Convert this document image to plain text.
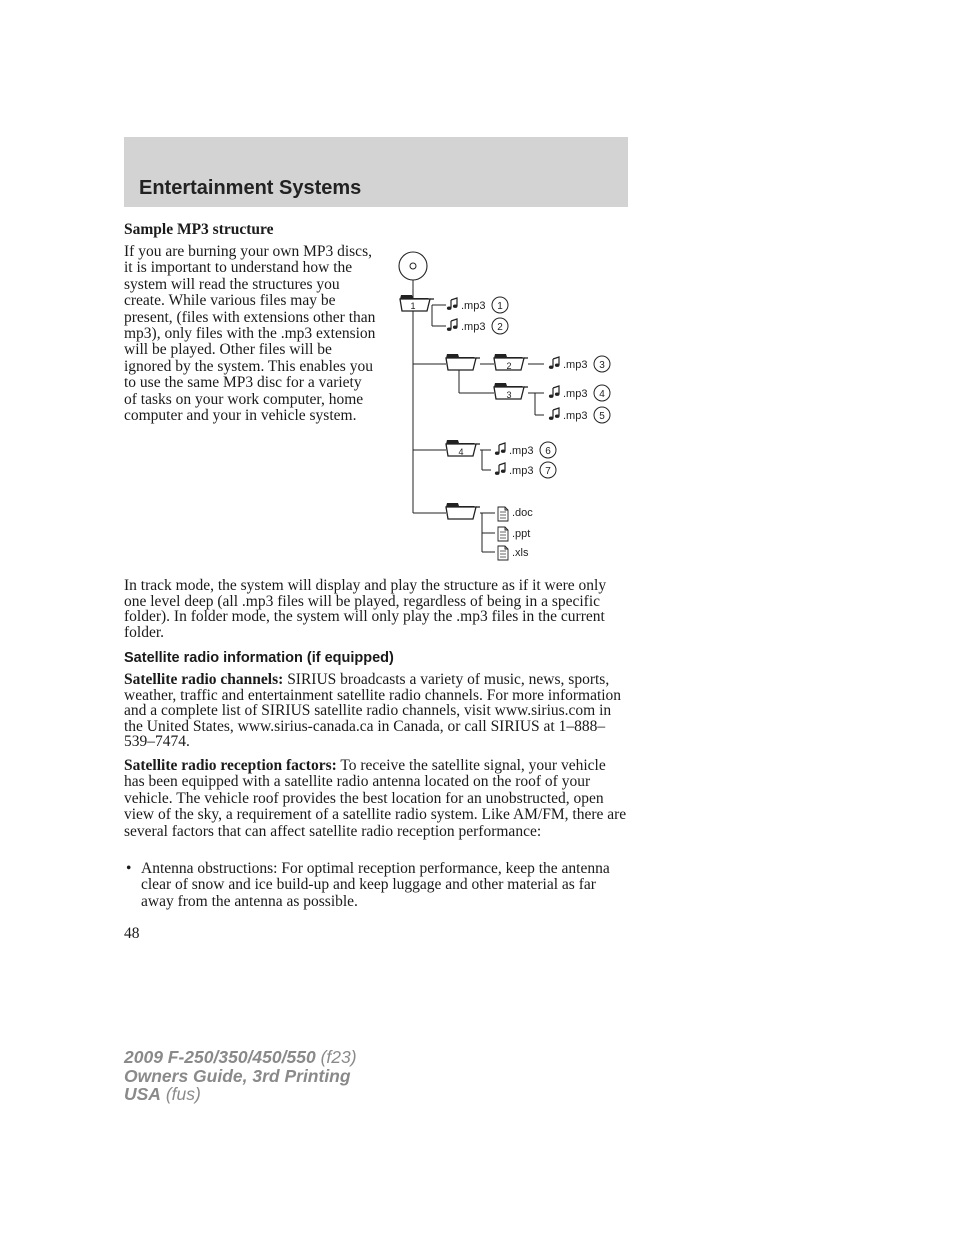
Entertainment Systems
Sample MP3 structure

If you are burning your own MP3 discs, it is important to understand how the system will read the structures you create. While various files may be present, (files with extensions other than mp3), only files with the .mp3 extension will be played. Other files will be ignored by the system. This enables you to use the same MP3 disc for a variety of tasks on your work computer, home computer and your in vehicle system.

1	.mp3 1
.mp3 2
2	.mp3 3
3	.mp3 4
.mp3 5
4	.mp3 6
.mp3 7
.doc
.ppt
.xls

In track mode, the system will display and play the structure as if it were only one level deep (all .mp3 files will be played, regardless of being in a specific folder). In folder mode, the system will only play the .mp3 files in the current folder.

Satellite radio information (if equipped)

Satellite radio channels: SIRIUS broadcasts a variety of music, news, sports, weather, traffic and entertainment satellite radio channels. For more information and a complete list of SIRIUS satellite radio channels, visit www.sirius.com in the United States, www.sirius-canada.ca in Canada, or call SIRIUS at 1–888–539–7474.

Satellite radio reception factors: To receive the satellite signal, your vehicle has been equipped with a satellite radio antenna located on the roof of your vehicle. The vehicle roof provides the best location for an unobstructed, open view of the sky, a requirement of a satellite radio system. Like AM/FM, there are several factors that can affect satellite radio reception performance:

• Antenna obstructions: For optimal reception performance, keep the antenna clear of snow and ice build-up and keep luggage and other material as far away from the antenna as possible.

48

2009 F-250/350/450/550 (f23)
Owners Guide, 3rd Printing
USA (fus)
